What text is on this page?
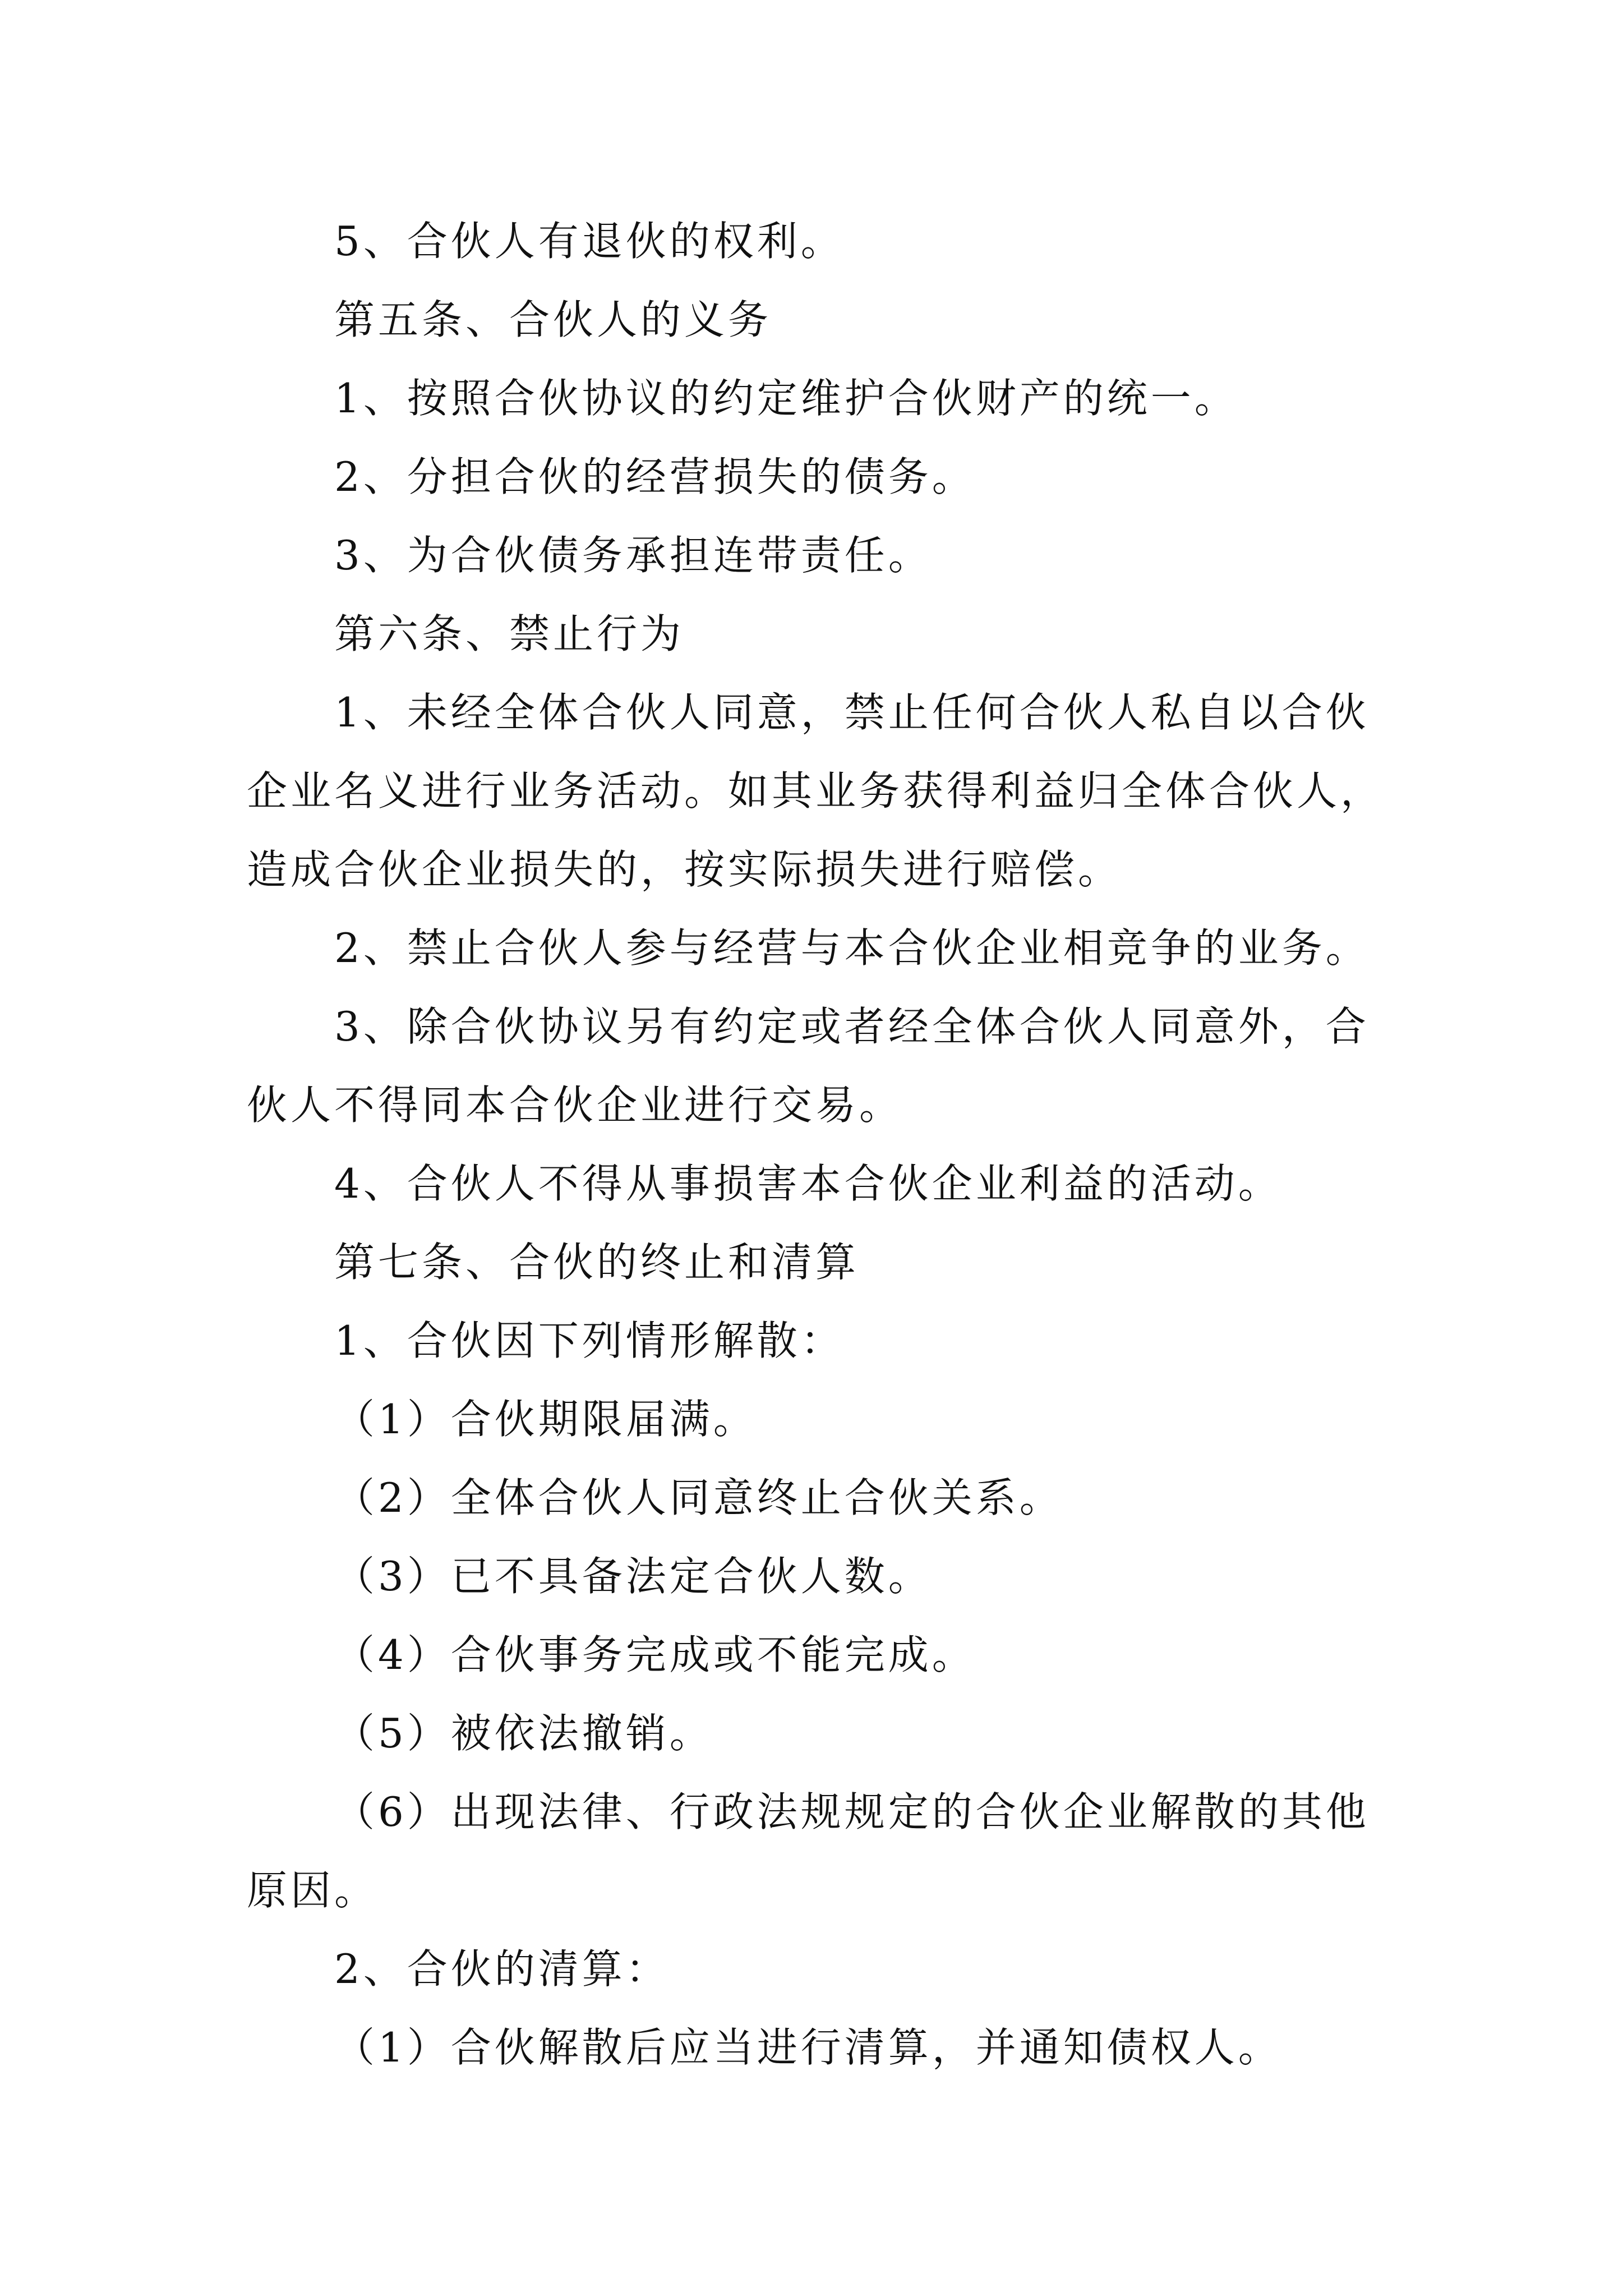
5、合伙人有退伙的权利。
第五条、合伙人的义务
1、按照合伙协议的约定维护合伙财产的统一。
2、分担合伙的经营损失的债务。
3、为合伙债务承担连带责任。
第六条、禁止行为
1、未经全体合伙人同意，禁止任何合伙人私自以合伙
企业名义进行业务活动。如其业务获得利益归全体合伙人，
造成合伙企业损失的，按实际损失进行赔偿。
2、禁止合伙人参与经营与本合伙企业相竞争的业务。
3、除合伙协议另有约定或者经全体合伙人同意外，合
伙人不得同本合伙企业进行交易。
4、合伙人不得从事损害本合伙企业利益的活动。
第七条、合伙的终止和清算
1、合伙因下列情形解散：
（1）合伙期限届满。
（2）全体合伙人同意终止合伙关系。
（3）已不具备法定合伙人数。
（4）合伙事务完成或不能完成。
（5）被依法撤销。
（6）出现法律、行政法规规定的合伙企业解散的其他
原因。
2、合伙的清算：
（1）合伙解散后应当进行清算，并通知债权人。
